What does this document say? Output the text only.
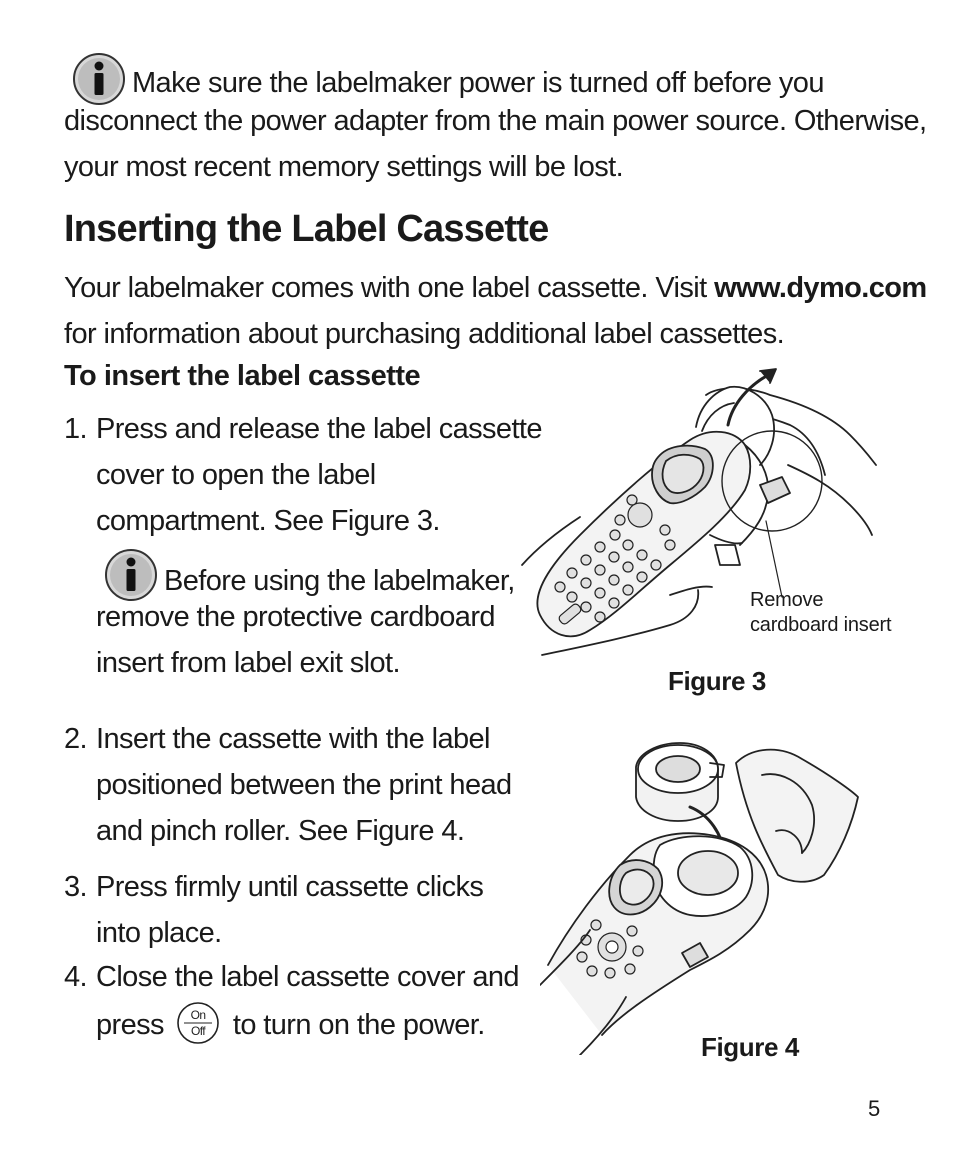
Make sure the labelmaker power is turned off before you
disconnect the power adapter from the main power source. Otherwise,
your most recent memory settings will be lost.
Inserting the Label Cassette
Your labelmaker comes with one label cassette. Visit www.dymo.com
for information about purchasing additional label cassettes.
To insert the label cassette
1. Press and release the label cassette
cover to open the label
compartment. See Figure 3.
Before using the labelmaker,
remove the protective cardboard
insert from label exit slot.
2. Insert the cassette with the label
positioned between the print head
and pinch roller. See Figure 4.
3. Press firmly until cassette clicks
into place.
4. Close the label cassette cover and
press On
Off to turn on the power.
Remove
cardboard insert
Figure 3
Figure 4
5
